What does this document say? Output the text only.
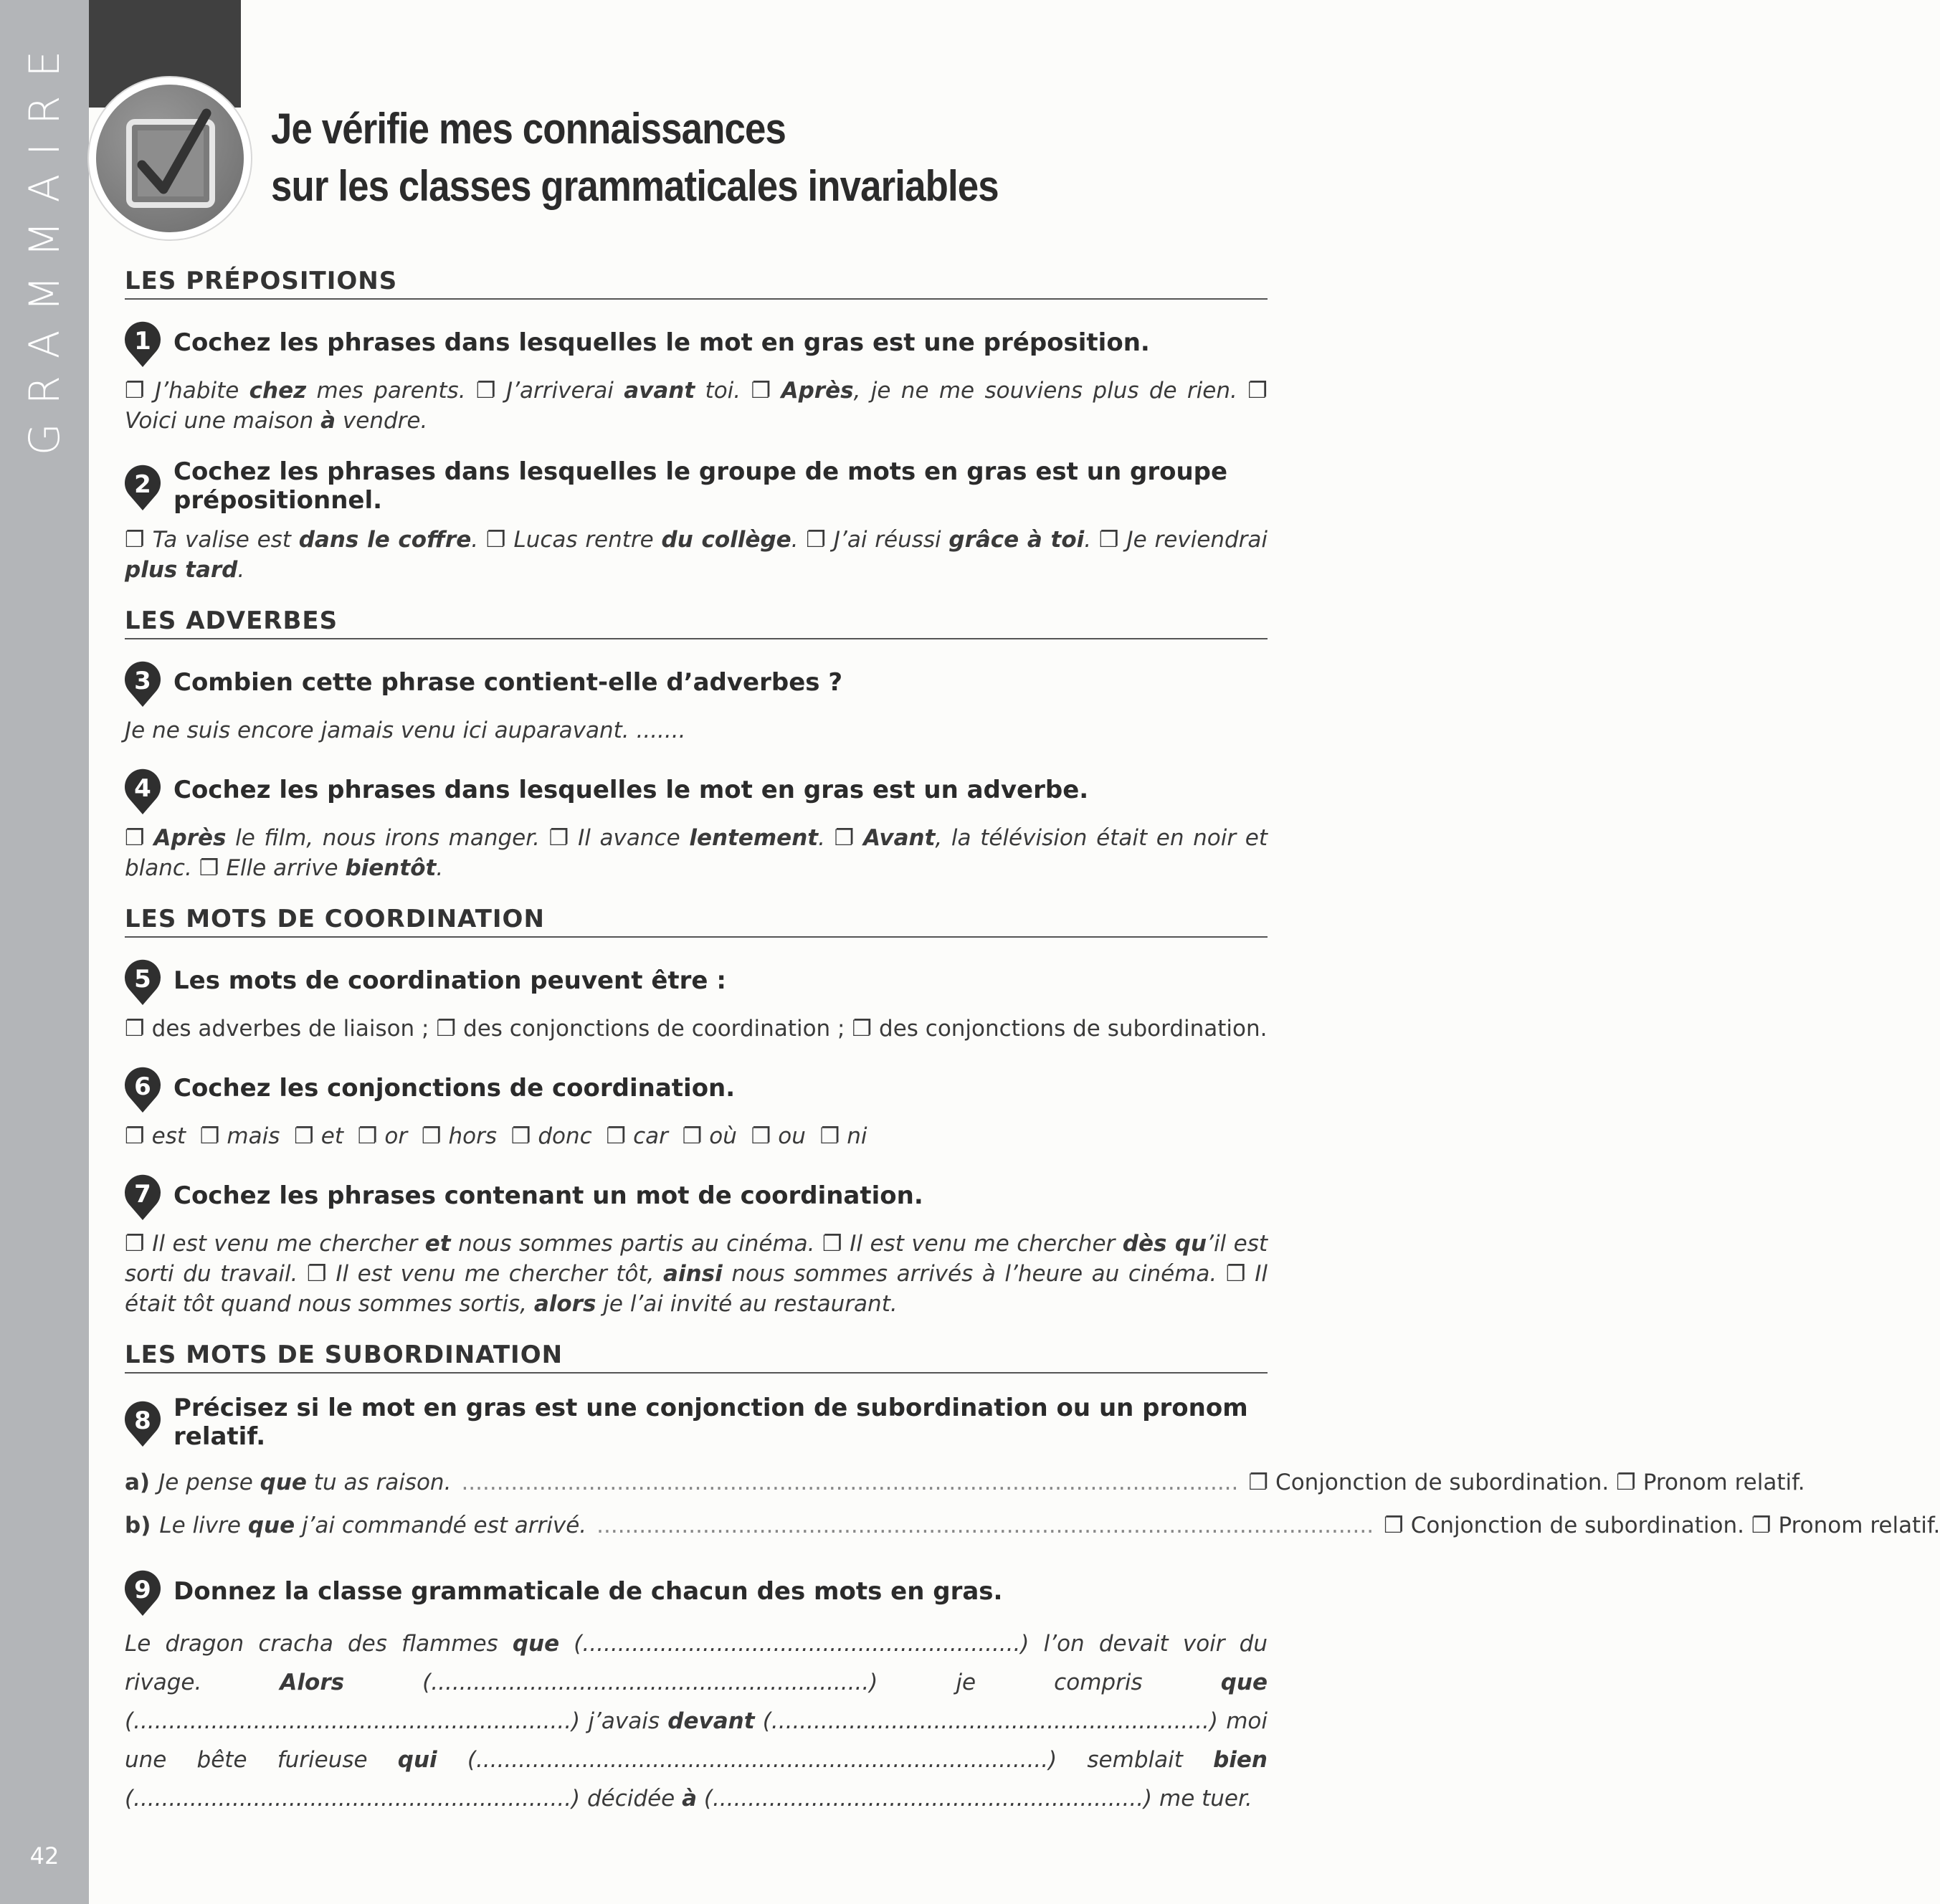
GRAMMAIRE
42
Je vérifie mes connaissances
sur les classes grammaticales invariables
LES PRÉPOSITIONS
1 Cochez les phrases dans lesquelles le mot en gras est une préposition.
❐ J’habite chez mes parents. ❐ J’arriverai avant toi. ❐ Après, je ne me souviens plus de rien. ❐ Voici une maison à vendre.
2 Cochez les phrases dans lesquelles le groupe de mots en gras est un groupe prépositionnel.
❐ Ta valise est dans le coffre. ❐ Lucas rentre du collège. ❐ J’ai réussi grâce à toi. ❐ Je reviendrai plus tard.
LES ADVERBES
3 Combien cette phrase contient-elle d’adverbes ?
Je ne suis encore jamais venu ici auparavant. .......
4 Cochez les phrases dans lesquelles le mot en gras est un adverbe.
❐ Après le film, nous irons manger. ❐ Il avance lentement. ❐ Avant, la télévision était en noir et blanc. ❐ Elle arrive bientôt.
LES MOTS DE COORDINATION
5 Les mots de coordination peuvent être :
❐ des adverbes de liaison ; ❐ des conjonctions de coordination ; ❐ des conjonctions de subordination.
6 Cochez les conjonctions de coordination.
❐ est ❐ mais ❐ et ❐ or ❐ hors ❐ donc ❐ car ❐ où ❐ ou ❐ ni
7 Cochez les phrases contenant un mot de coordination.
❐ Il est venu me chercher et nous sommes partis au cinéma. ❐ Il est venu me chercher dès qu’il est sorti du travail. ❐ Il est venu me chercher tôt, ainsi nous sommes arrivés à l’heure au cinéma. ❐ Il était tôt quand nous sommes sortis, alors je l’ai invité au restaurant.
LES MOTS DE SUBORDINATION
8 Précisez si le mot en gras est une conjonction de subordination ou un pronom relatif.
a) Je pense que tu as raison. .............................................................................................................. ❐ Conjonction de subordination. ❐ Pronom relatif.
b) Le livre que j’ai commandé est arrivé. .............................................................................................................. ❐ Conjonction de subordination. ❐ Pronom relatif.
9 Donnez la classe grammaticale de chacun des mots en gras.
Le dragon cracha des flammes que (..............................................................) l’on devait voir du rivage. Alors (..............................................................) je compris que (..............................................................) j’avais devant (..............................................................) moi une bête furieuse qui (.................................................................................) semblait bien (..............................................................) décidée à (.............................................................) me tuer.
